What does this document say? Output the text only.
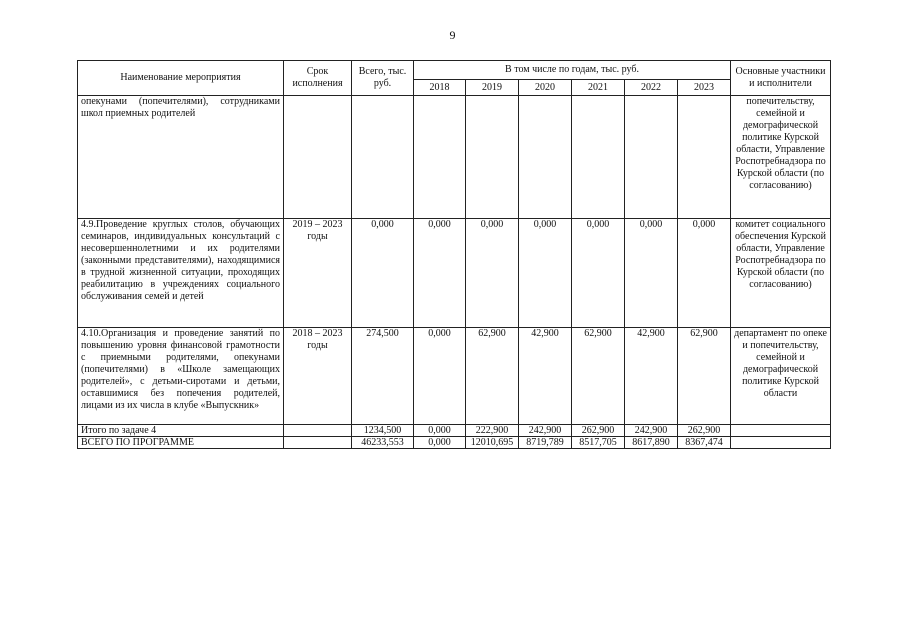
9
Наименование мероприятия	Срок исполнения	Всего, тыс. руб.	В том числе по годам, тыс. руб.						Основные участники и исполнители
			2018	2019	2020	2021	2022	2023	
опекунами (попечителями), сотрудниками школ приемных родителей									попечительству, семейной и демографической политике Курской области, Управление Роспотребнадзора по Курской области (по согласованию)
4.9.Проведение круглых столов, обучающих семинаров, индивидуальных консультаций с несовершеннолетними и их родителями (законными представителями), находящимися в трудной жизненной ситуации, проходящих реабилитацию в учреждениях социального обслуживания семей и детей	2019 – 2023 годы	0,000	0,000	0,000	0,000	0,000	0,000	0,000	комитет социального обеспечения Курской области, Управление Роспотребнадзора по Курской области (по согласованию)
4.10.Организация и проведение занятий по повышению уровня финансовой грамотности с приемными родителями, опекунами (попечителями) в «Школе замещающих родителей», с детьми-сиротами и детьми, оставшимися без попечения родителей, лицами из их числа в клубе «Выпускник»	2018 – 2023 годы	274,500	0,000	62,900	42,900	62,900	42,900	62,900	департамент по опеке и попечительству, семейной и демографической политике Курской области
Итого по задаче 4		1234,500	0,000	222,900	242,900	262,900	242,900	262,900	
ВСЕГО ПО ПРОГРАММЕ		46233,553	0,000	12010,695	8719,789	8517,705	8617,890	8367,474	
